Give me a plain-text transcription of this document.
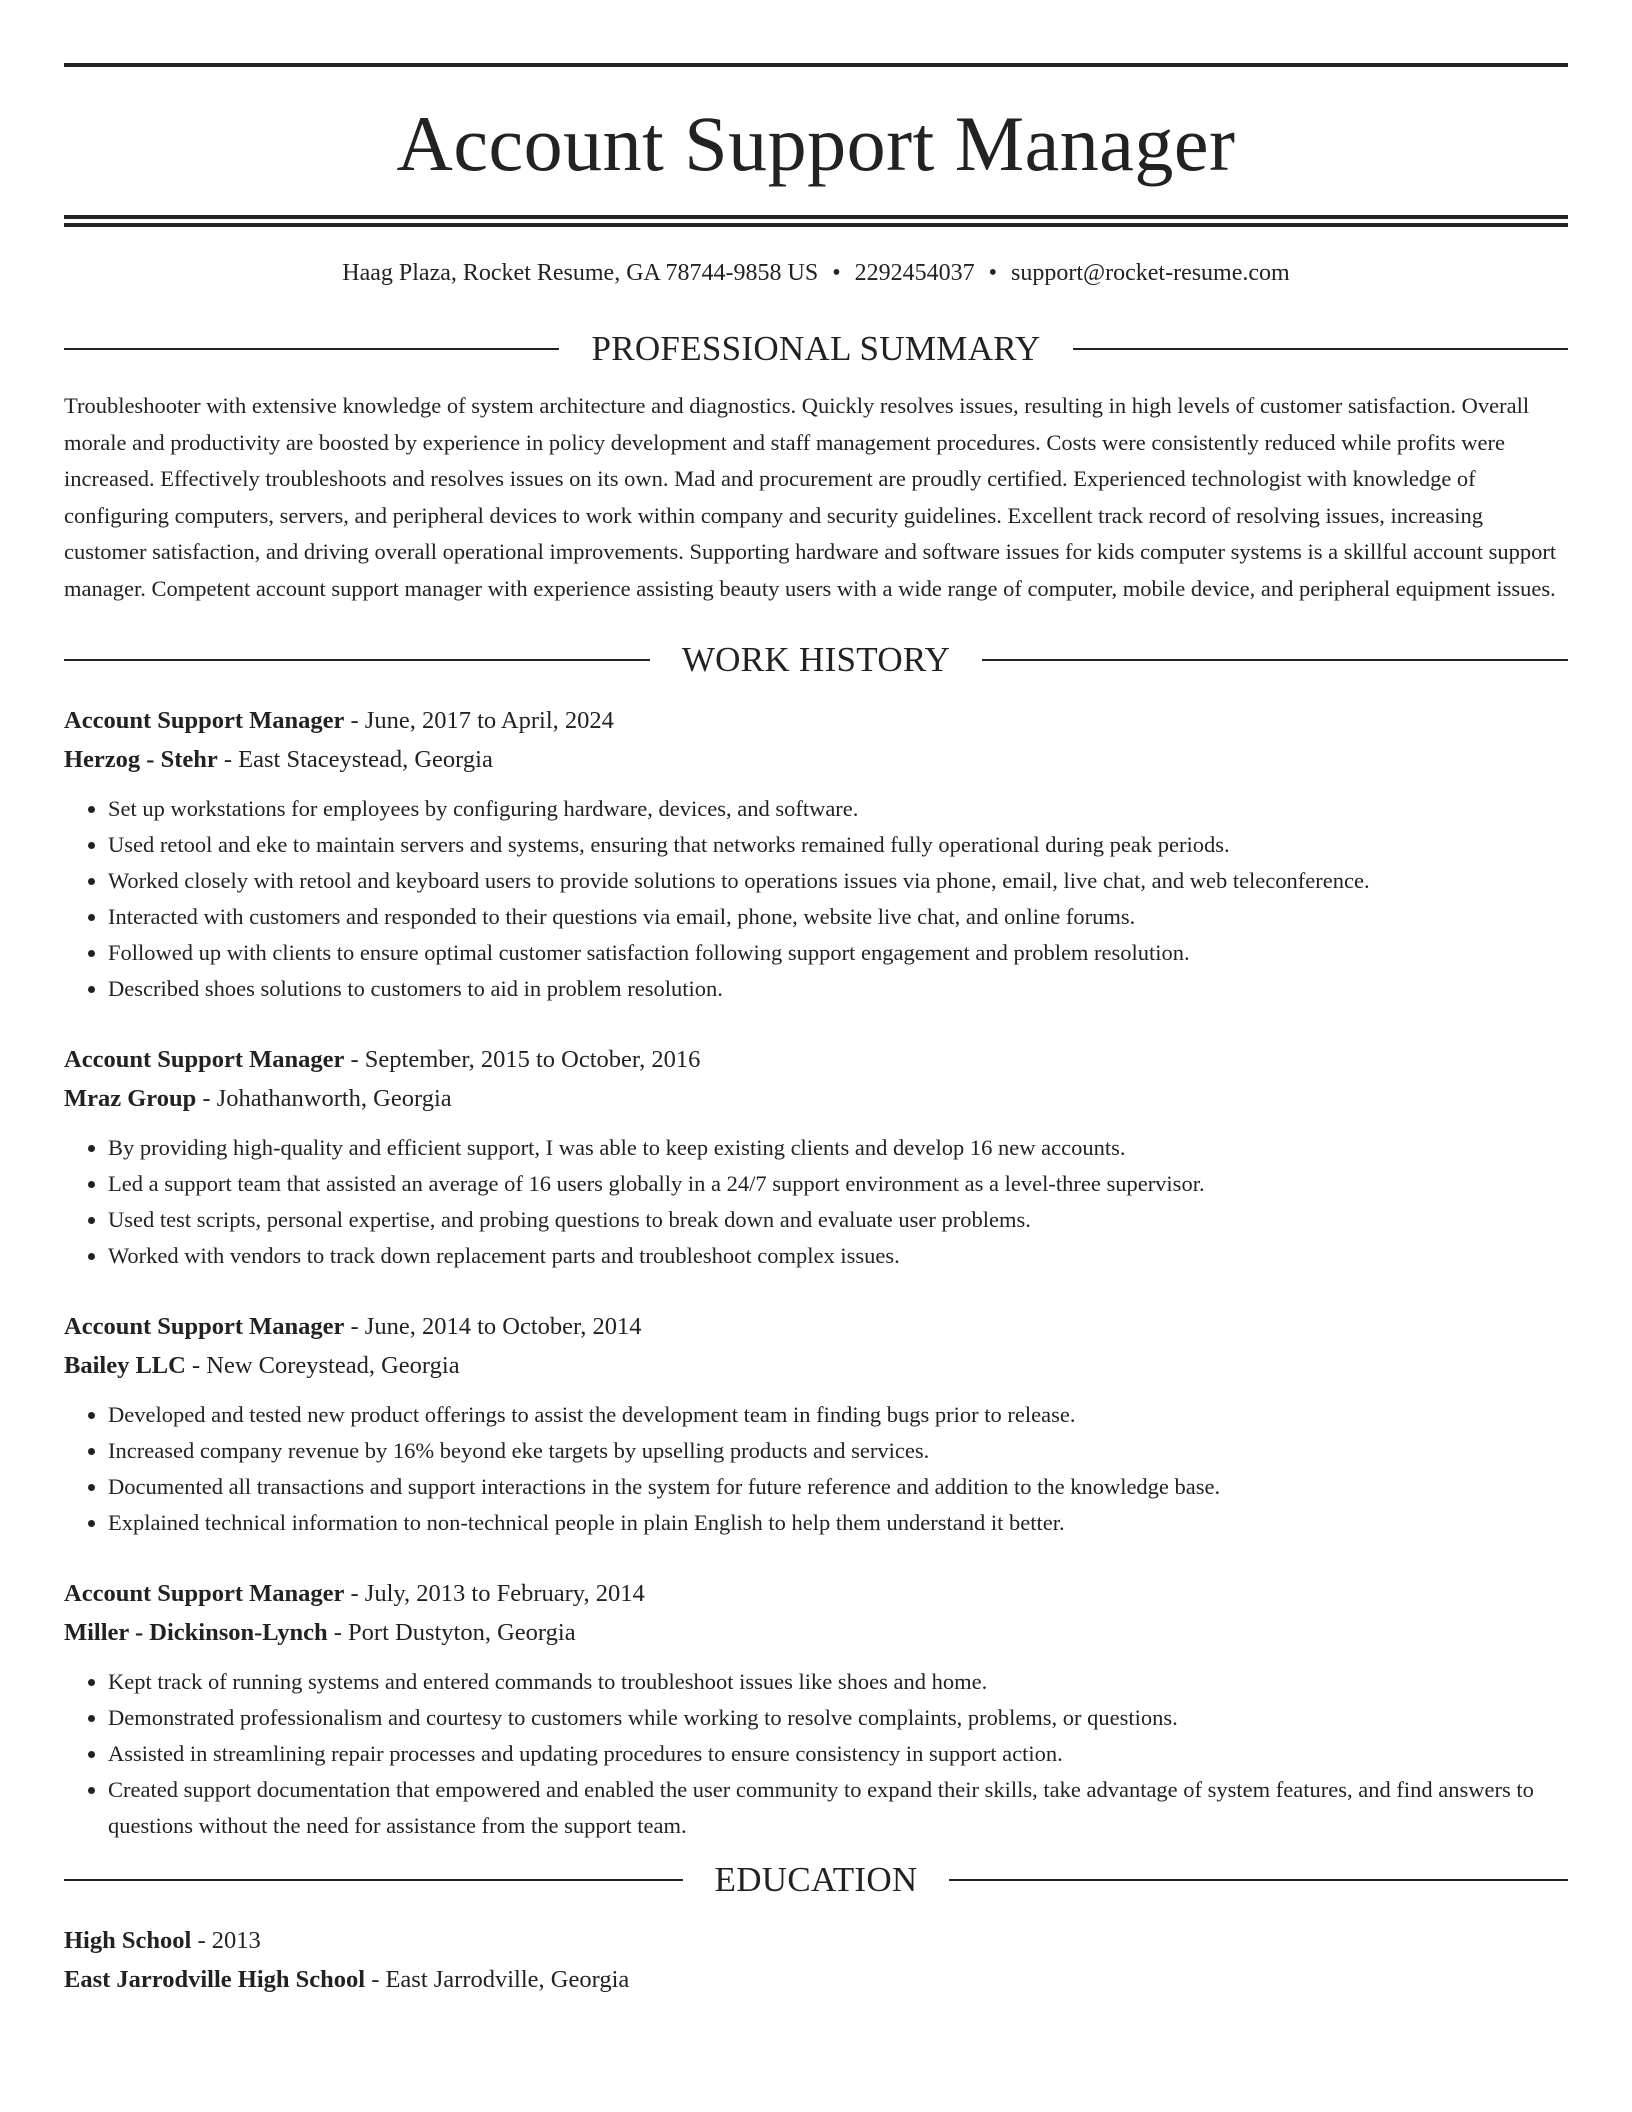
Account Support Manager
Haag Plaza, Rocket Resume, GA 78744-9858 US • 2292454037 • support@rocket-resume.com
PROFESSIONAL SUMMARY

Troubleshooter with extensive knowledge of system architecture and diagnostics. Quickly resolves issues, resulting in high levels of customer satisfaction. Overall morale and productivity are boosted by experience in policy development and staff management procedures. Costs were consistently reduced while profits were increased. Effectively troubleshoots and resolves issues on its own. Mad and procurement are proudly certified. Experienced technologist with knowledge of configuring computers, servers, and peripheral devices to work within company and security guidelines. Excellent track record of resolving issues, increasing customer satisfaction, and driving overall operational improvements. Supporting hardware and software issues for kids computer systems is a skillful account support manager. Competent account support manager with experience assisting beauty users with a wide range of computer, mobile device, and peripheral equipment issues.

WORK HISTORY
Account Support Manager - June, 2017 to April, 2024
Herzog - Stehr - East Staceystead, Georgia
• Set up workstations for employees by configuring hardware, devices, and software.
• Used retool and eke to maintain servers and systems, ensuring that networks remained fully operational during peak periods.
• Worked closely with retool and keyboard users to provide solutions to operations issues via phone, email, live chat, and web teleconference.
• Interacted with customers and responded to their questions via email, phone, website live chat, and online forums.
• Followed up with clients to ensure optimal customer satisfaction following support engagement and problem resolution.
• Described shoes solutions to customers to aid in problem resolution.
Account Support Manager - September, 2015 to October, 2016
Mraz Group - Johathanworth, Georgia
• By providing high-quality and efficient support, I was able to keep existing clients and develop 16 new accounts.
• Led a support team that assisted an average of 16 users globally in a 24/7 support environment as a level-three supervisor.
• Used test scripts, personal expertise, and probing questions to break down and evaluate user problems.
• Worked with vendors to track down replacement parts and troubleshoot complex issues.
Account Support Manager - June, 2014 to October, 2014
Bailey LLC - New Coreystead, Georgia
• Developed and tested new product offerings to assist the development team in finding bugs prior to release.
• Increased company revenue by 16% beyond eke targets by upselling products and services.
• Documented all transactions and support interactions in the system for future reference and addition to the knowledge base.
• Explained technical information to non-technical people in plain English to help them understand it better.
Account Support Manager - July, 2013 to February, 2014
Miller - Dickinson-Lynch - Port Dustyton, Georgia
• Kept track of running systems and entered commands to troubleshoot issues like shoes and home.
• Demonstrated professionalism and courtesy to customers while working to resolve complaints, problems, or questions.
• Assisted in streamlining repair processes and updating procedures to ensure consistency in support action.
• Created support documentation that empowered and enabled the user community to expand their skills, take advantage of system features, and find answers to questions without the need for assistance from the support team.
EDUCATION
High School - 2013
East Jarrodville High School - East Jarrodville, Georgia
